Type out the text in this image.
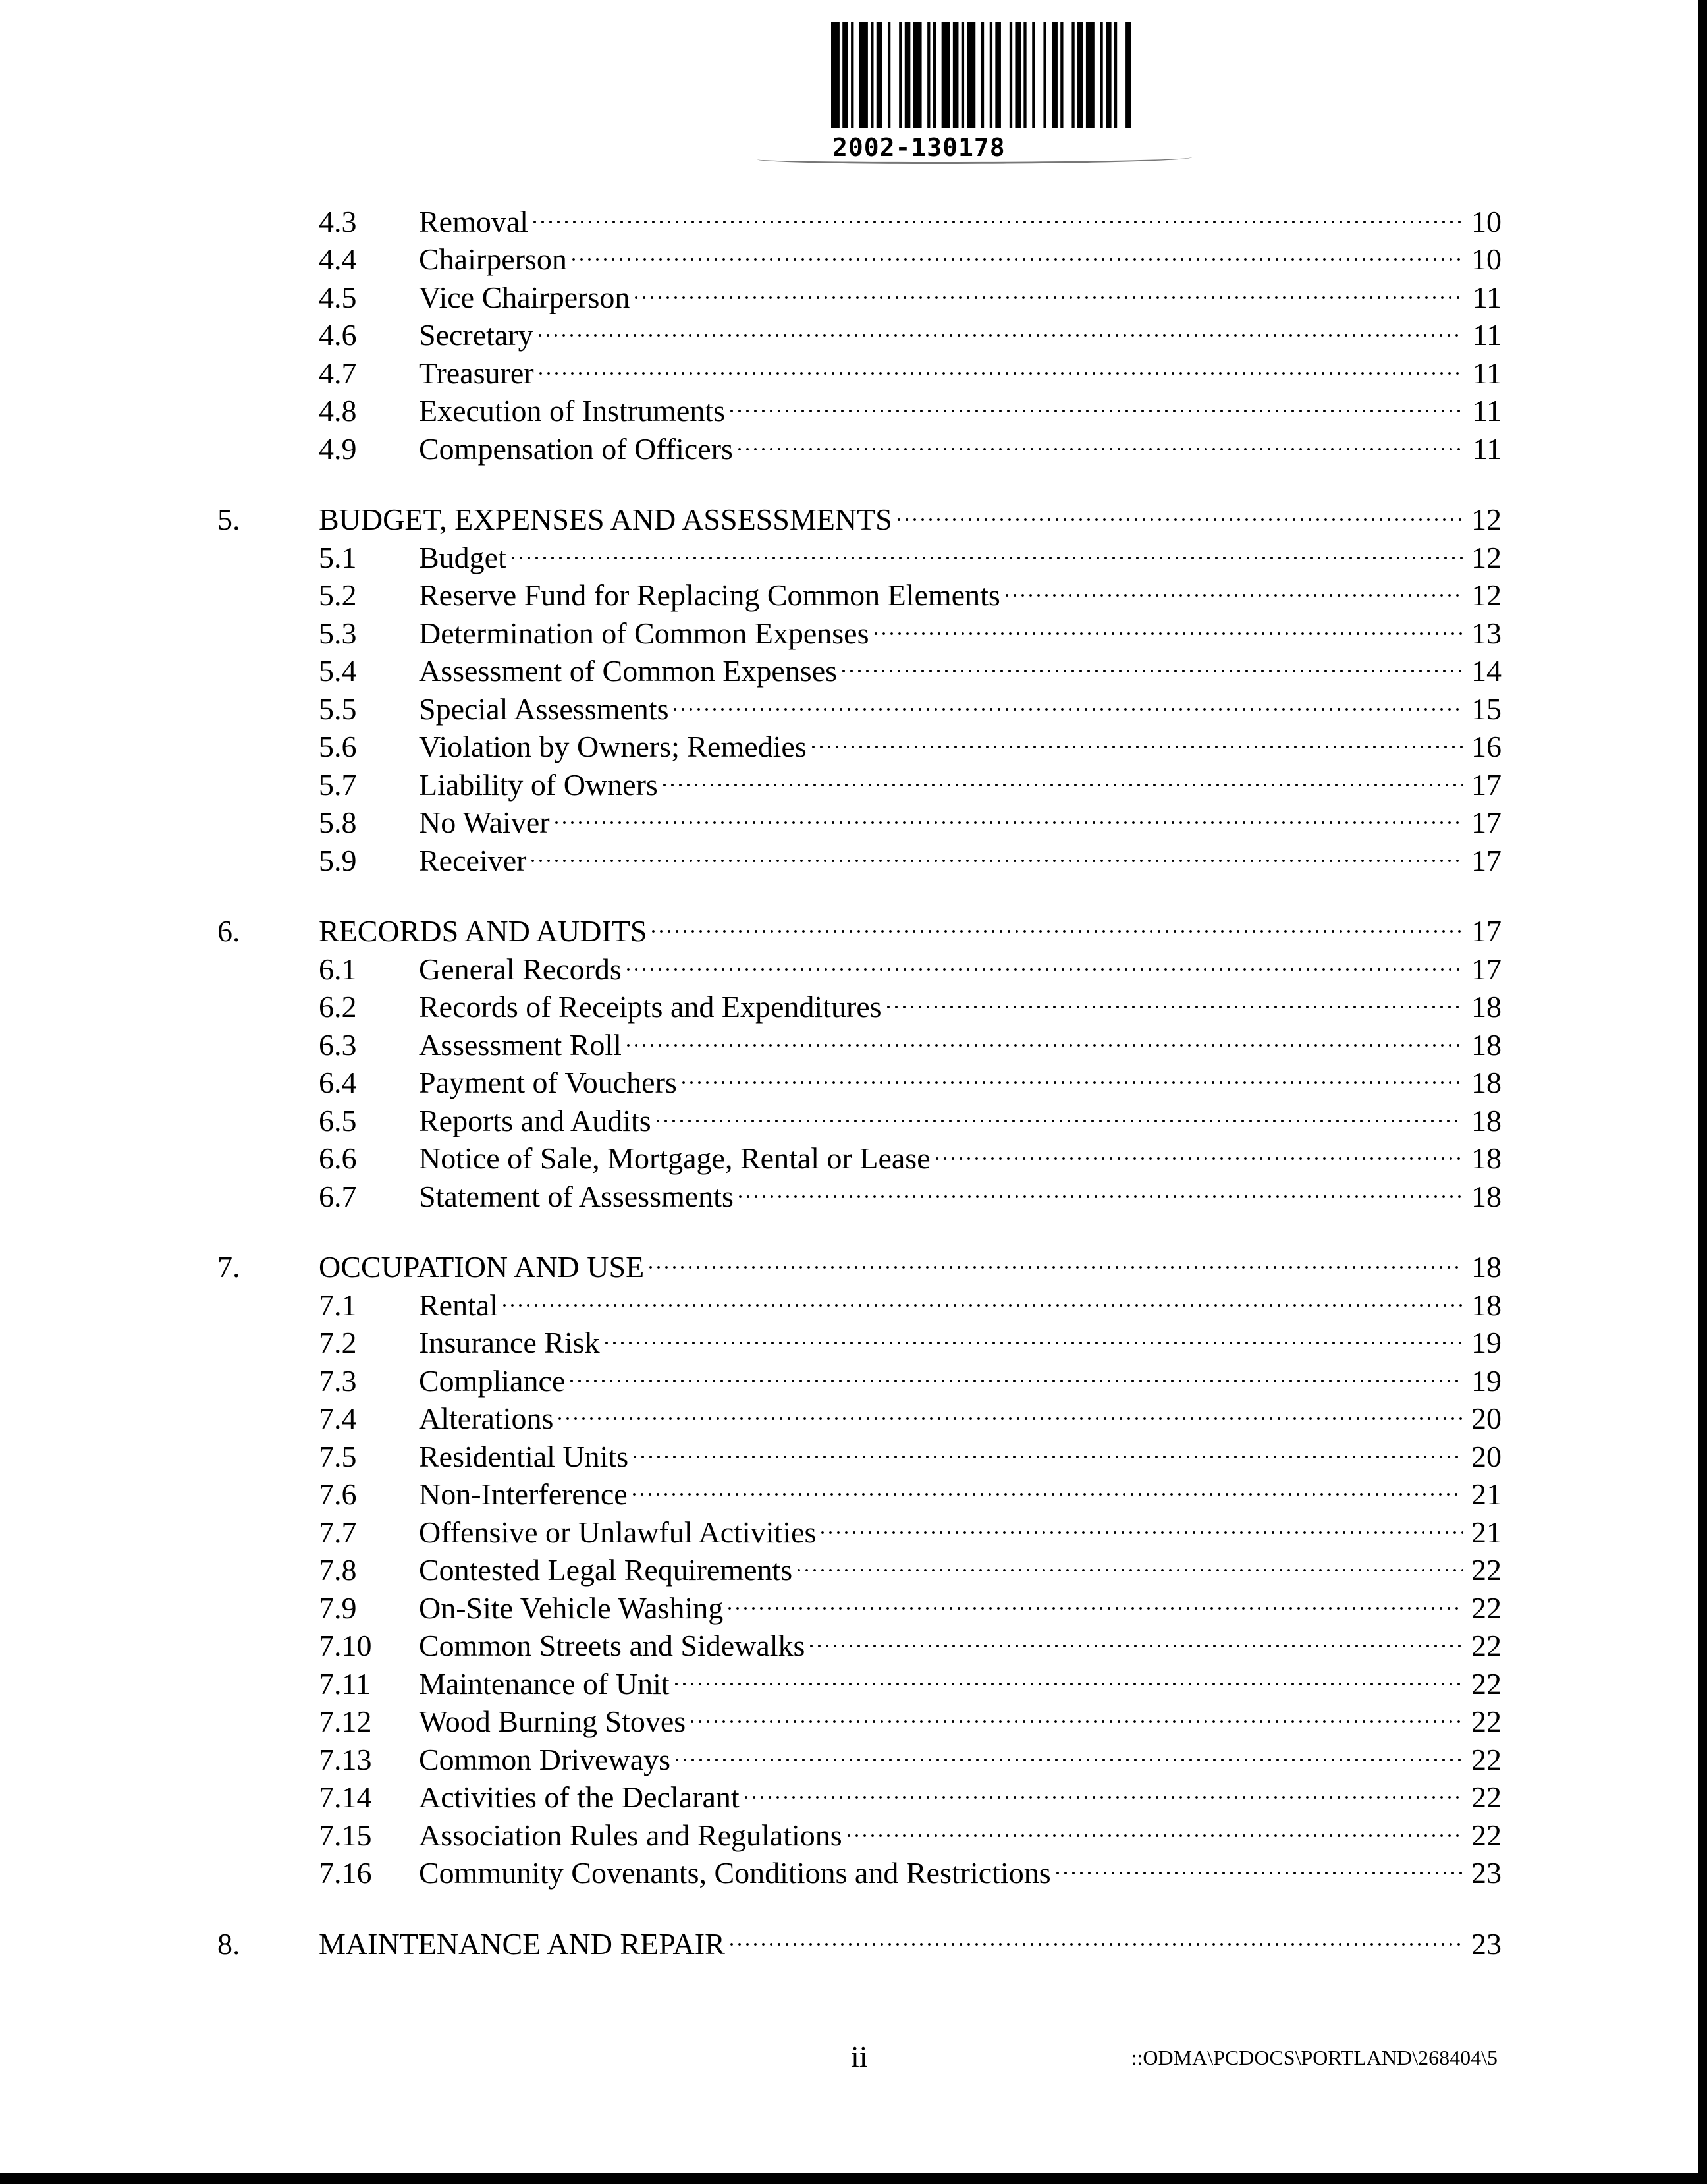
2002-130178
4.3	Removal	10
4.4	Chairperson	10
4.5	Vice Chairperson	11
4.6	Secretary	11
4.7	Treasurer	11
4.8	Execution of Instruments	11
4.9	Compensation of Officers	11
5.	BUDGET, EXPENSES AND ASSESSMENTS	12
5.1	Budget	12
5.2	Reserve Fund for Replacing Common Elements	12
5.3	Determination of Common Expenses	13
5.4	Assessment of Common Expenses	14
5.5	Special Assessments	15
5.6	Violation by Owners; Remedies	16
5.7	Liability of Owners	17
5.8	No Waiver	17
5.9	Receiver	17
6.	RECORDS AND AUDITS	17
6.1	General Records	17
6.2	Records of Receipts and Expenditures	18
6.3	Assessment Roll	18
6.4	Payment of Vouchers	18
6.5	Reports and Audits	18
6.6	Notice of Sale, Mortgage, Rental or Lease	18
6.7	Statement of Assessments	18
7.	OCCUPATION AND USE	18
7.1	Rental	18
7.2	Insurance Risk	19
7.3	Compliance	19
7.4	Alterations	20
7.5	Residential Units	20
7.6	Non-Interference	21
7.7	Offensive or Unlawful Activities	21
7.8	Contested Legal Requirements	22
7.9	On-Site Vehicle Washing	22
7.10	Common Streets and Sidewalks	22
7.11	Maintenance of Unit	22
7.12	Wood Burning Stoves	22
7.13	Common Driveways	22
7.14	Activities of the Declarant	22
7.15	Association Rules and Regulations	22
7.16	Community Covenants, Conditions and Restrictions	23
8.	MAINTENANCE AND REPAIR	23
ii	::ODMA\PCDOCS\PORTLAND\268404\5
